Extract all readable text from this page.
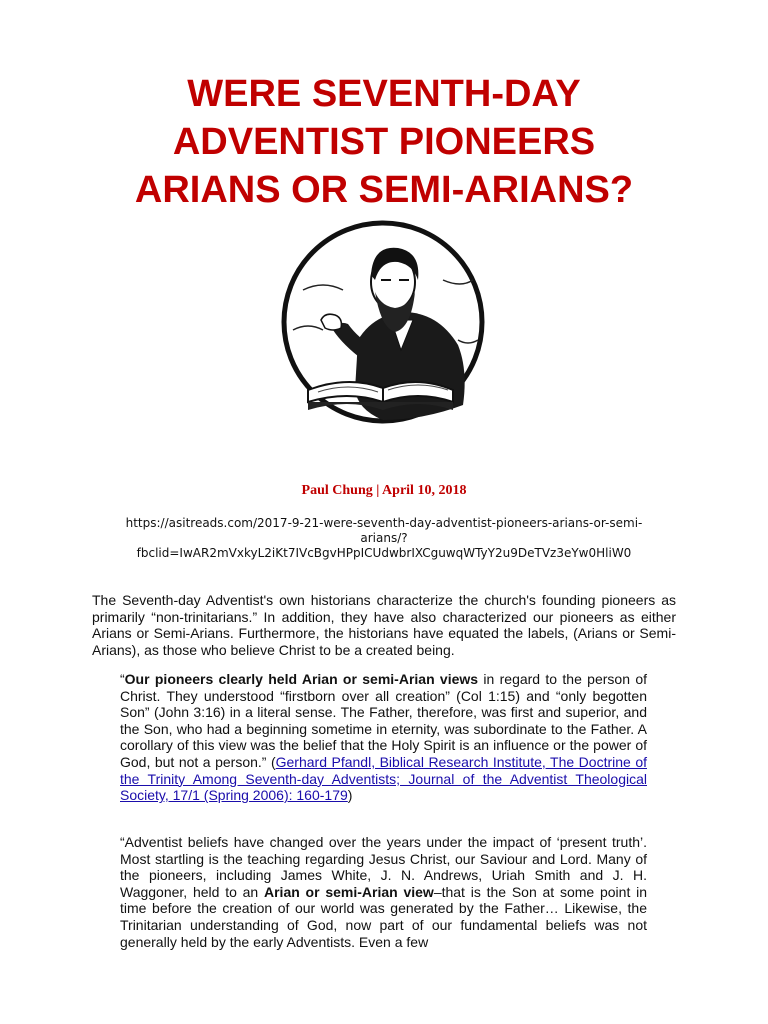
WERE SEVENTH-DAY
ADVENTIST PIONEERS
ARIANS OR SEMI-ARIANS?
Paul Chung | April 10, 2018
https://asitreads.com/2017-9-21-were-seventh-day-adventist-pioneers-arians-or-semi-
arians/?
fbclid=IwAR2mVxkyL2iKt7IVcBgvHPpICUdwbrIXCguwqWTyY2u9DeTVz3eYw0HliW0

The Seventh-day Adventist's own historians characterize the church's founding pioneers as primarily “non-trinitarians.” In addition, they have also characterized our pioneers as either Arians or Semi-Arians. Furthermore, the historians have equated the labels, (Arians or Semi-Arians), as those who believe Christ to be a created being.

“Our pioneers clearly held Arian or semi-Arian views in regard to the person of Christ. They understood “firstborn over all creation” (Col 1:15) and “only begotten Son” (John 3:16) in a literal sense. The Father, therefore, was first and superior, and the Son, who had a beginning sometime in eternity, was subordinate to the Father. A corollary of this view was the belief that the Holy Spirit is an influence or the power of God, but not a person.” (Gerhard Pfandl, Biblical Research Institute, The Doctrine of the Trinity Among Seventh-day Adventists; Journal of the Adventist Theological Society, 17/1 (Spring 2006): 160-179)

“Adventist beliefs have changed over the years under the impact of ‘present truth’. Most startling is the teaching regarding Jesus Christ, our Saviour and Lord. Many of the pioneers, including James White, J. N. Andrews, Uriah Smith and J. H. Waggoner, held to an Arian or semi-Arian view–that is the Son at some point in time before the creation of our world was generated by the Father… Likewise, the Trinitarian understanding of God, now part of our fundamental beliefs was not generally held by the early Adventists. Even a few
